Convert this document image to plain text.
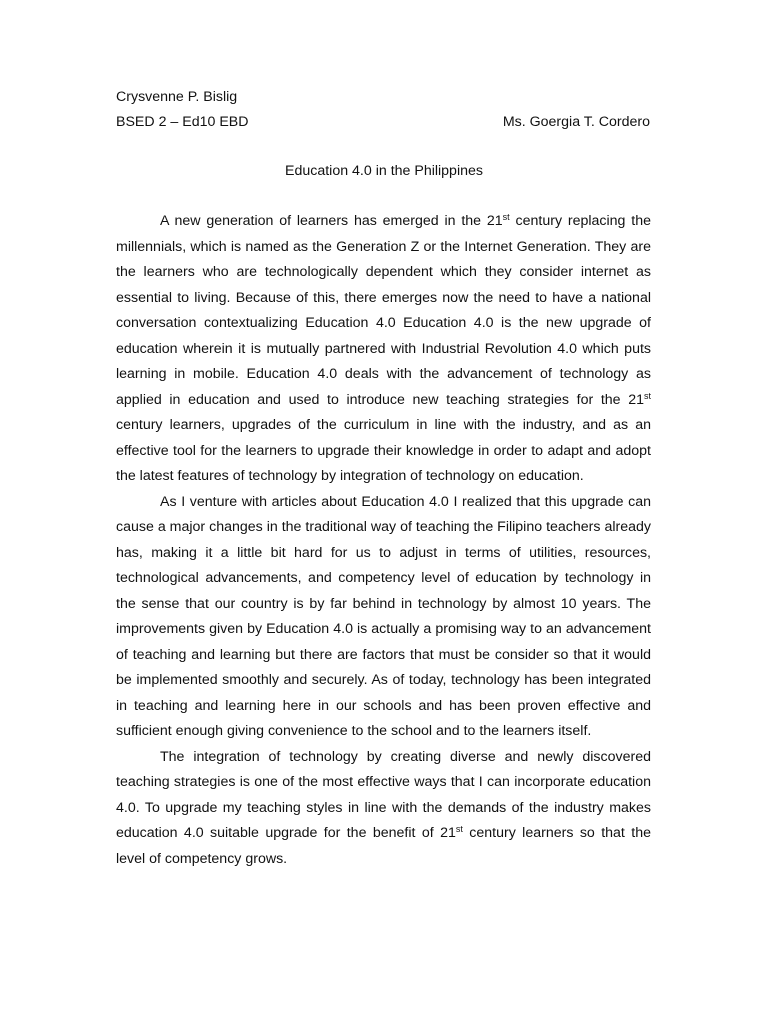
Crysvenne P. Bislig
BSED 2 – Ed10 EBD	Ms. Goergia T. Cordero
Education 4.0 in the Philippines

A new generation of learners has emerged in the 21st century replacing the millennials, which is named as the Generation Z or the Internet Generation. They are the learners who are technologically dependent which they consider internet as essential to living. Because of this, there emerges now the need to have a national conversation contextualizing Education 4.0 Education 4.0 is the new upgrade of education wherein it is mutually partnered with Industrial Revolution 4.0 which puts learning in mobile. Education 4.0 deals with the advancement of technology as applied in education and used to introduce new teaching strategies for the 21st century learners, upgrades of the curriculum in line with the industry, and as an effective tool for the learners to upgrade their knowledge in order to adapt and adopt the latest features of technology by integration of technology on education.

As I venture with articles about Education 4.0 I realized that this upgrade can cause a major changes in the traditional way of teaching the Filipino teachers already has, making it a little bit hard for us to adjust in terms of utilities, resources, technological advancements, and competency level of education by technology in the sense that our country is by far behind in technology by almost 10 years. The improvements given by Education 4.0 is actually a promising way to an advancement of teaching and learning but there are factors that must be consider so that it would be implemented smoothly and securely. As of today, technology has been integrated in teaching and learning here in our schools and has been proven effective and sufficient enough giving convenience to the school and to the learners itself.

The integration of technology by creating diverse and newly discovered teaching strategies is one of the most effective ways that I can incorporate education 4.0. To upgrade my teaching styles in line with the demands of the industry makes education 4.0 suitable upgrade for the benefit of 21st century learners so that the level of competency grows.
